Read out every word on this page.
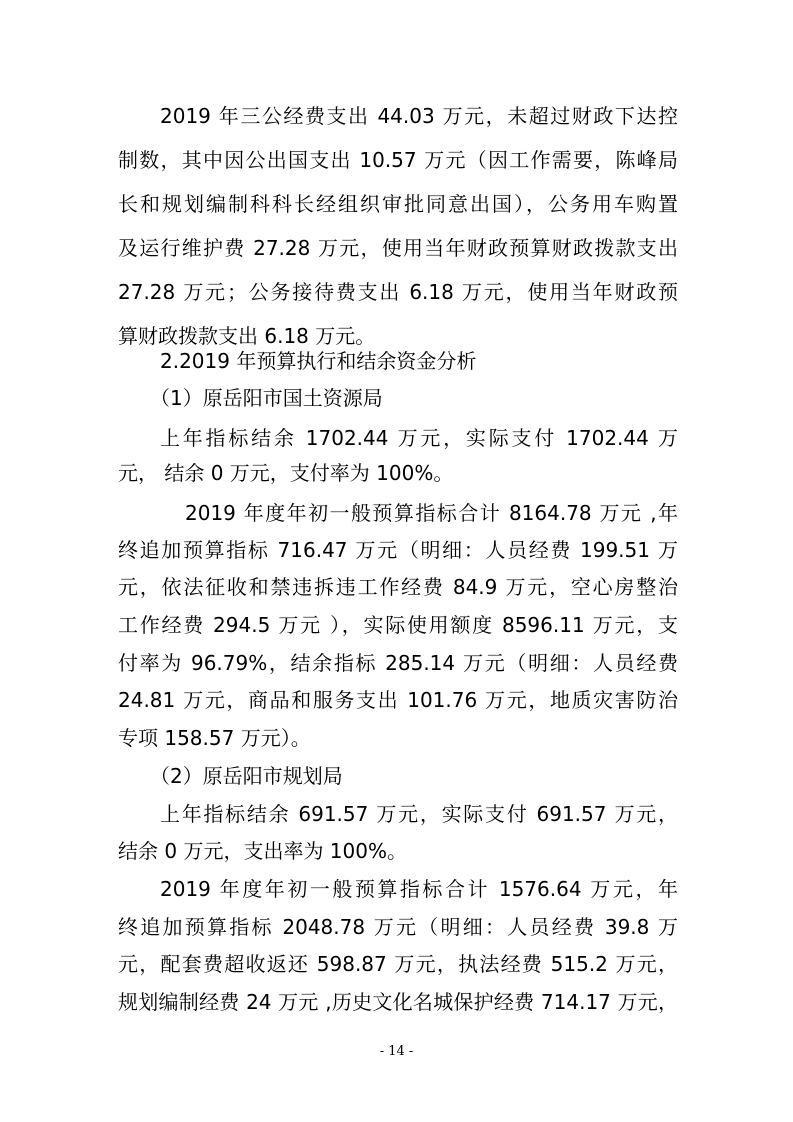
2019 年三公经费支出 44.03 万元，未超过财政下达控
制数，其中因公出国支出 10.57 万元（因工作需要，陈峰局
长和规划编制科科长经组织审批同意出国），公务用车购置
及运行维护费 27.28 万元，使用当年财政预算财政拨款支出
27.28 万元；公务接待费支出 6.18 万元，使用当年财政预
算财政拨款支出 6.18 万元。
2.2019 年预算执行和结余资金分析
（1）原岳阳市国土资源局
上年指标结余 1702.44 万元，实际支付 1702.44 万
元， 结余 0 万元，支付率为 100%。
2019 年度年初一般预算指标合计 8164.78 万元 ,年
终追加预算指标 716.47 万元（明细：人员经费 199.51 万
元，依法征收和禁违拆违工作经费 84.9 万元，空心房整治
工作经费 294.5 万元 ），实际使用额度 8596.11 万元，支
付率为 96.79%，结余指标 285.14 万元（明细：人员经费
24.81 万元，商品和服务支出 101.76 万元，地质灾害防治
专项 158.57 万元）。
（2）原岳阳市规划局
上年指标结余 691.57 万元，实际支付 691.57 万元，
结余 0 万元，支出率为 100%。
2019 年度年初一般预算指标合计 1576.64 万元，年
终追加预算指标 2048.78 万元（明细：人员经费 39.8 万
元，配套费超收返还 598.87 万元，执法经费 515.2 万元，
规划编制经费 24 万元 ,历史文化名城保护经费 714.17 万元，
- 14 -
